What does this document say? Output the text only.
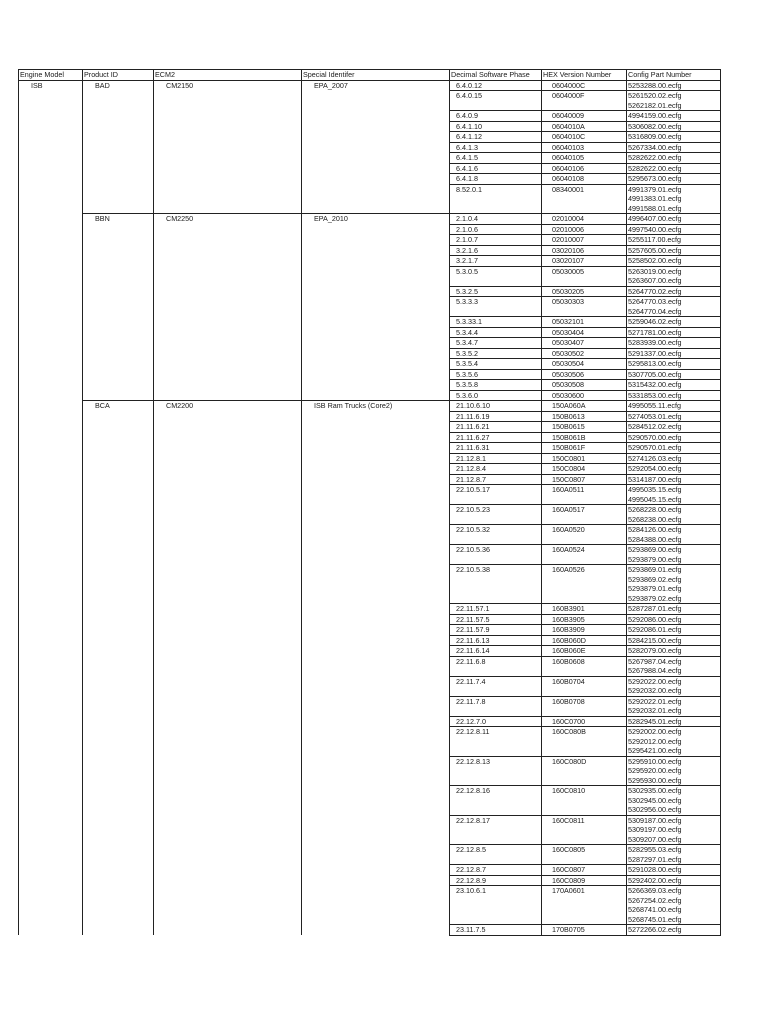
Engine Model	Product ID	ECM2	Special Identifer	Decimal Software Phase	HEX Version Number	Config Part Number
ISB	BAD	CM2150	EPA_2007	6.4.0.12	0604000C	5253288.00.ecfg

				6.4.0.15	0604000F	5261520.02.ecfg
5262182.01.ecfg

				6.4.0.9	06040009	4994159.00.ecfg

				6.4.1.10	0604010A	5306082.00.ecfg

				6.4.1.12	0604010C	5316809.00.ecfg

				6.4.1.3	06040103	5267334.00.ecfg

				6.4.1.5	06040105	5282622.00.ecfg

				6.4.1.6	06040106	5282622.00.ecfg

				6.4.1.8	06040108	5295673.00.ecfg

				8.52.0.1	08340001	4991379.01.ecfg
4991383.01.ecfg
4991588.01.ecfg

	BBN	CM2250	EPA_2010	2.1.0.4	02010004	4996407.00.ecfg

				2.1.0.6	02010006	4997540.00.ecfg

				2.1.0.7	02010007	5255117.00.ecfg

				3.2.1.6	03020106	5257605.00.ecfg

				3.2.1.7	03020107	5258502.00.ecfg

				5.3.0.5	05030005	5263019.00.ecfg
5263607.00.ecfg

				5.3.2.5	05030205	5264770.02.ecfg

				5.3.3.3	05030303	5264770.03.ecfg
5264770.04.ecfg

				5.3.33.1	05032101	5259046.02.ecfg

				5.3.4.4	05030404	5271781.00.ecfg

				5.3.4.7	05030407	5283939.00.ecfg

				5.3.5.2	05030502	5291337.00.ecfg

				5.3.5.4	05030504	5295813.00.ecfg

				5.3.5.6	05030506	5307705.00.ecfg

				5.3.5.8	05030508	5315432.00.ecfg

				5.3.6.0	05030600	5331853.00.ecfg

	BCA	CM2200	ISB Ram Trucks (Core2)	21.10.6.10	150A060A	4995055.11.ecfg

				21.11.6.19	150B0613	5274053.01.ecfg

				21.11.6.21	150B0615	5284512.02.ecfg

				21.11.6.27	150B061B	5290570.00.ecfg

				21.11.6.31	150B061F	5290570.01.ecfg

				21.12.8.1	150C0801	5274126.03.ecfg

				21.12.8.4	150C0804	5292054.00.ecfg

				21.12.8.7	150C0807	5314187.00.ecfg

				22.10.5.17	160A0511	4995035.15.ecfg
4995045.15.ecfg

				22.10.5.23	160A0517	5268228.00.ecfg
5268238.00.ecfg

				22.10.5.32	160A0520	5284126.00.ecfg
5284388.00.ecfg

				22.10.5.36	160A0524	5293869.00.ecfg
5293879.00.ecfg

				22.10.5.38	160A0526	5293869.01.ecfg
5293869.02.ecfg
5293879.01.ecfg
5293879.02.ecfg

				22.11.57.1	160B3901	5287287.01.ecfg

				22.11.57.5	160B3905	5292086.00.ecfg

				22.11.57.9	160B3909	5292086.01.ecfg

				22.11.6.13	160B060D	5284215.00.ecfg

				22.11.6.14	160B060E	5282079.00.ecfg

				22.11.6.8	160B0608	5267987.04.ecfg
5267988.04.ecfg

				22.11.7.4	160B0704	5292022.00.ecfg
5292032.00.ecfg

				22.11.7.8	160B0708	5292022.01.ecfg
5292032.01.ecfg

				22.12.7.0	160C0700	5282945.01.ecfg

				22.12.8.11	160C080B	5292002.00.ecfg
5292012.00.ecfg
5295421.00.ecfg

				22.12.8.13	160C080D	5295910.00.ecfg
5295920.00.ecfg
5295930.00.ecfg

				22.12.8.16	160C0810	5302935.00.ecfg
5302945.00.ecfg
5302956.00.ecfg

				22.12.8.17	160C0811	5309187.00.ecfg
5309197.00.ecfg
5309207.00.ecfg

				22.12.8.5	160C0805	5282955.03.ecfg
5287297.01.ecfg

				22.12.8.7	160C0807	5291028.00.ecfg

				22.12.8.9	160C0809	5292402.00.ecfg

				23.10.6.1	170A0601	5266369.03.ecfg
5267254.02.ecfg
5268741.00.ecfg
5268745.01.ecfg

				23.11.7.5	170B0705	5272266.02.ecfg
